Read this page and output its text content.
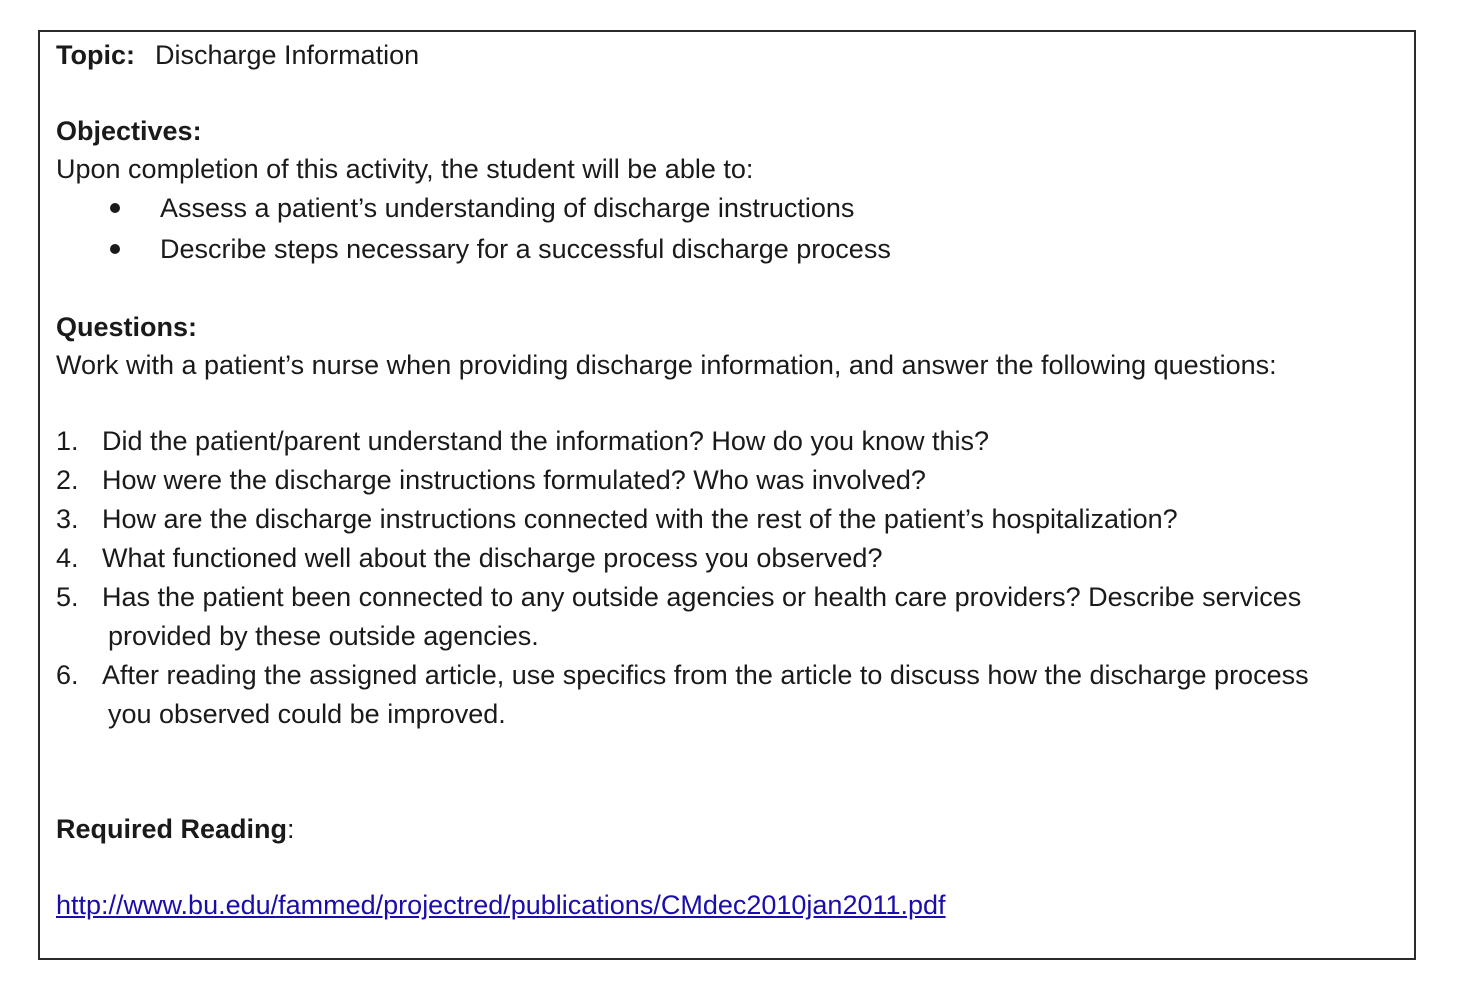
Topic: Discharge Information

Objectives:

Upon completion of this activity, the student will be able to:

Assess a patient’s understanding of discharge instructions
Describe steps necessary for a successful discharge process

Questions:

Work with a patient’s nurse when providing discharge information, and answer the following questions:

1. Did the patient/parent understand the information? How do you know this?
2. How were the discharge instructions formulated? Who was involved?
3. How are the discharge instructions connected with the rest of the patient’s hospitalization?
4. What functioned well about the discharge process you observed?
5. Has the patient been connected to any outside agencies or health care providers? Describe services
provided by these outside agencies.
6. After reading the assigned article, use specifics from the article to discuss how the discharge process
you observed could be improved.

Required Reading:

http://www.bu.edu/fammed/projectred/publications/CMdec2010jan2011.pdf
